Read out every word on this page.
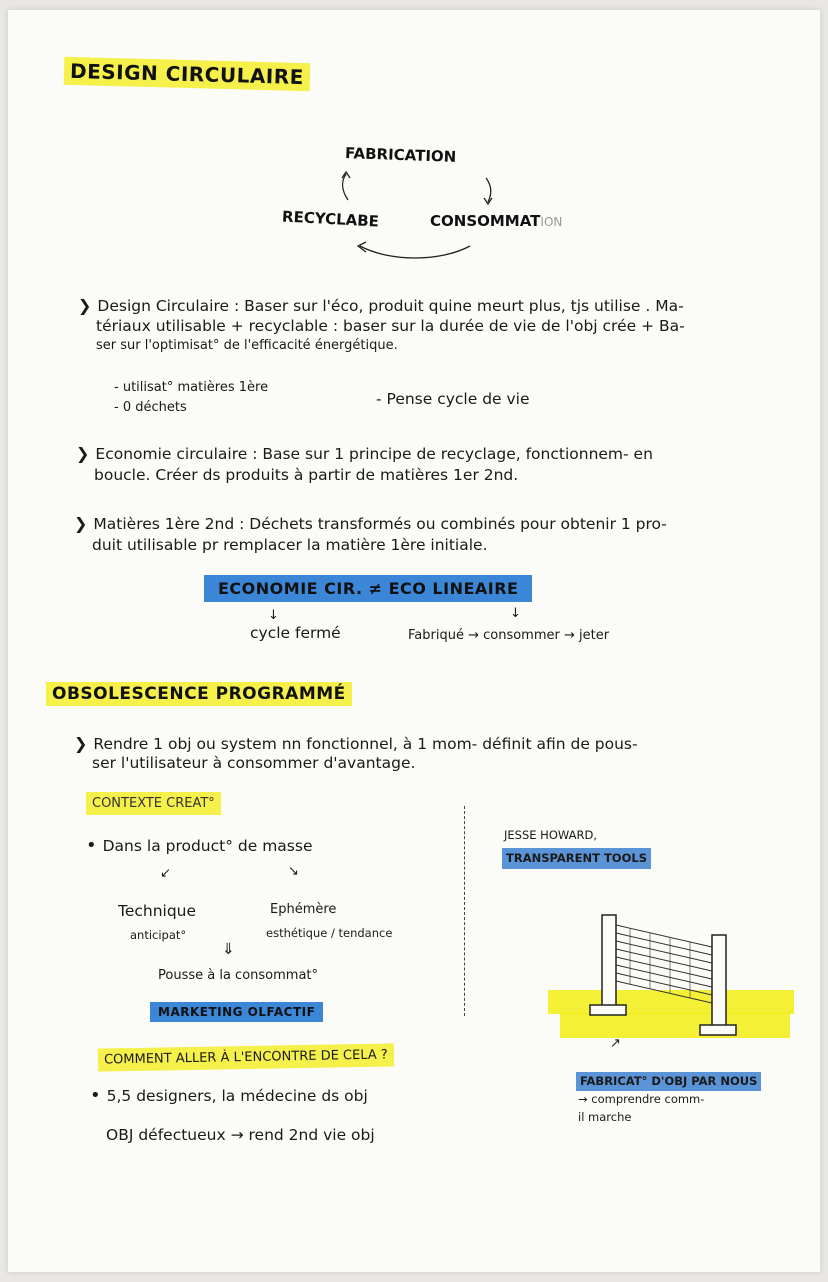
DESIGN CIRCULAIRE
FABRICATION
RECYCLABE	CONSOMMATION
❯ Design Circulaire : Baser sur l'éco, produit quine meurt plus, tjs utilise . Ma-
tériaux utilisable + recyclable : baser sur la durée de vie de l'obj crée + Ba-
ser sur l'optimisat° de l'efficacité énergétique.
- utilisat° matières 1ère
- 0 déchets	- Pense cycle de vie
❯ Economie circulaire : Base sur 1 principe de recyclage, fonctionnem- en
boucle. Créer ds produits à partir de matières 1er 2nd.
❯ Matières 1ère 2nd : Déchets transformés ou combinés pour obtenir 1 pro-
duit utilisable pr remplacer la matière 1ère initiale.
ECONOMIE CIR. ≠ ECO LINEAIRE
↓	↓
cycle fermé	Fabriqué → consommer → jeter
OBSOLESCENCE PROGRAMMÉ
❯ Rendre 1 obj ou system nn fonctionnel, à 1 mom- définit afin de pous-
ser l'utilisateur à consommer d'avantage.
CONTEXTE CREAT°
• Dans la product° de masse
↙	↘
Technique
anticipat°
Ephémère
esthétique / tendance
⇓
Pousse à la consommat°
MARKETING OLFACTIF
JESSE HOWARD,
TRANSPARENT TOOLS
↗
FABRICAT° D'OBJ PAR NOUS
→ comprendre comm-
il marche
COMMENT ALLER À L'ENCONTRE DE CELA ?
• 5,5 designers, la médecine ds obj
OBJ défectueux → rend 2nd vie obj
